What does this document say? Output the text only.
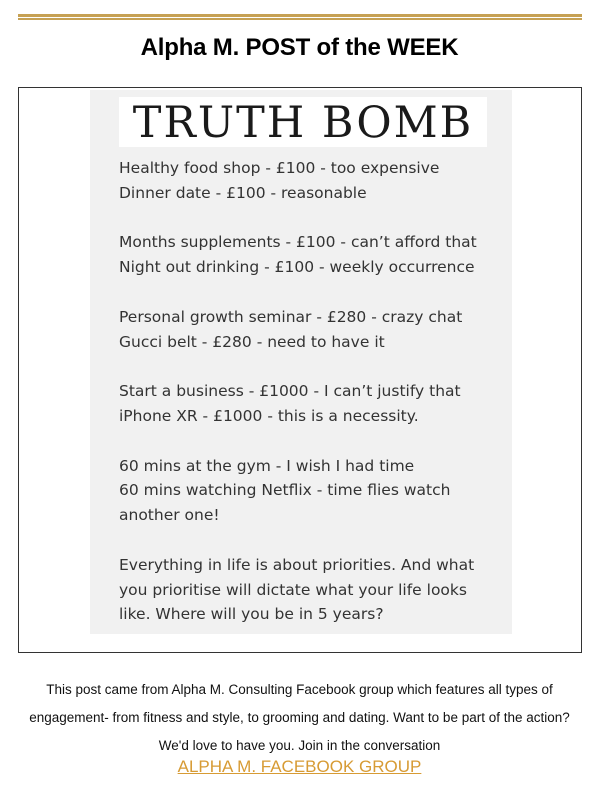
Alpha M. POST of the WEEK
TRUTH BOMB
Healthy food shop - £100 - too expensive
Dinner date - £100 - reasonable
Months supplements - £100 - can’t afford that
Night out drinking - £100 - weekly occurrence
Personal growth seminar - £280 - crazy chat
Gucci belt - £280 - need to have it
Start a business - £1000 - I can’t justify that
iPhone XR - £1000 - this is a necessity.
60 mins at the gym - I wish I had time
60 mins watching Netflix - time flies watch
another one!
Everything in life is about priorities. And what
you prioritise will dictate what your life looks
like. Where will you be in 5 years?
This post came from Alpha M. Consulting Facebook group which features all types of
engagement- from fitness and style, to grooming and dating. Want to be part of the action?
We'd love to have you. Join in the conversation
ALPHA M. FACEBOOK GROUP
